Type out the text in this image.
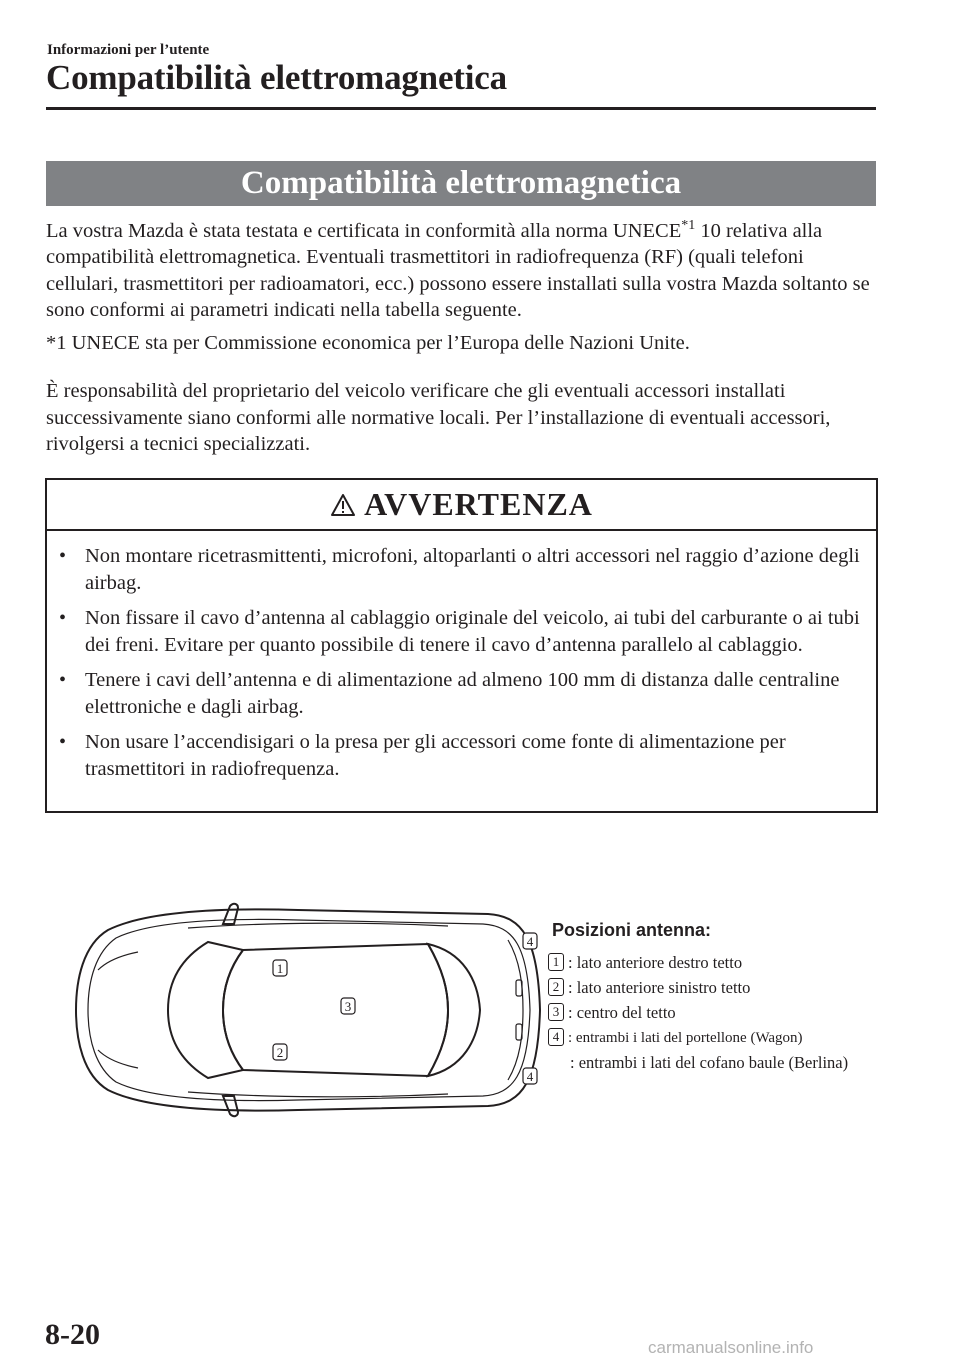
Informazioni per l’utente
Compatibilità elettromagnetica
Compatibilità elettromagnetica

La vostra Mazda è stata testata e certificata in conformità alla norma UNECE$^{*1}$ 10 relativa alla compatibilità elettromagnetica. Eventuali trasmettitori in radiofrequenza (RF) (quali telefoni cellulari, trasmettitori per radioamatori, ecc.) possono essere installati sulla vostra Mazda soltanto se sono conformi ai parametri indicati nella tabella seguente.

*1 UNECE sta per Commissione economica per l’Europa delle Nazioni Unite.

È responsabilità del proprietario del veicolo verificare che gli eventuali accessori installati successivamente siano conformi alle normative locali. Per l’installazione di eventuali accessori, rivolgersi a tecnici specializzati.

AVVERTENZA
• Non montare ricetrasmittenti, microfoni, altoparlanti o altri accessori nel raggio d’azione degli airbag.
• Non fissare il cavo d’antenna al cablaggio originale del veicolo, ai tubi del carburante o ai tubi dei freni. Evitare per quanto possibile di tenere il cavo d’antenna parallelo al cablaggio.
• Tenere i cavi dell’antenna e di alimentazione ad almeno 100 mm di distanza dalle centraline elettroniche e dagli airbag.
• Non usare l’accendisigari o la presa per gli accessori come fonte di alimentazione per trasmettitori in radiofrequenza.
1
2
3
4
4
Posizioni antenna:
1 : lato anteriore destro tetto
2 : lato anteriore sinistro tetto
3 : centro del tetto
4 : entrambi i lati del portellone (Wagon)
: entrambi i lati del cofano baule (Berlina)
8-20	carmanualsonline.info
